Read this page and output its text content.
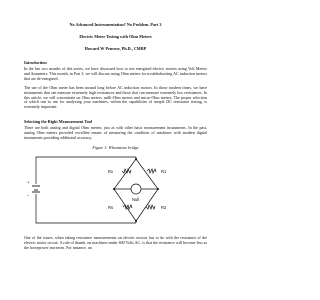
No Advanced Instrumentation? No Problem. Part 3

Electric Meter Testing with Ohm Meters

Howard W Penrose, Ph.D., CMRP

Introduction

In the last two months of this series, we have discussed how to test energized electric motors using Volt Meters and Ammeters. This month, in Part 3, we will discuss using Ohm meters for troubleshooting AC induction motors that are de-energized.

The use of the Ohm meter has been around long before AC induction motors. In those modern times, we have instruments that can measure extremely high resistances and those that can measure extremely low resistances. In this article, we will concentrate on Ohm meters, milli-Ohm meters and micro-Ohm meters. The proper selection of which one to use for analyzing your machines, within the capabilities of simple DC resistance testing, is extremely important.

Selecting the Right Measurement Tool

There are both analog and digital Ohm meters, just as with other basic measurement instruments. In the past, analog Ohm meters provided excellent means of measuring the condition of machines with modern digital instruments providing additional accuracy.

Figure 1: Wheatstone bridge
R1
R2
Rx
Rs
Null
+
−

One of the issues, when taking resistance measurements on electric motors has to do with the resistance of the electric motor circuit. A rule of thumb, on machines under 600 Volts AC, is that the resistance will become less as the horsepower increases. For instance, an
